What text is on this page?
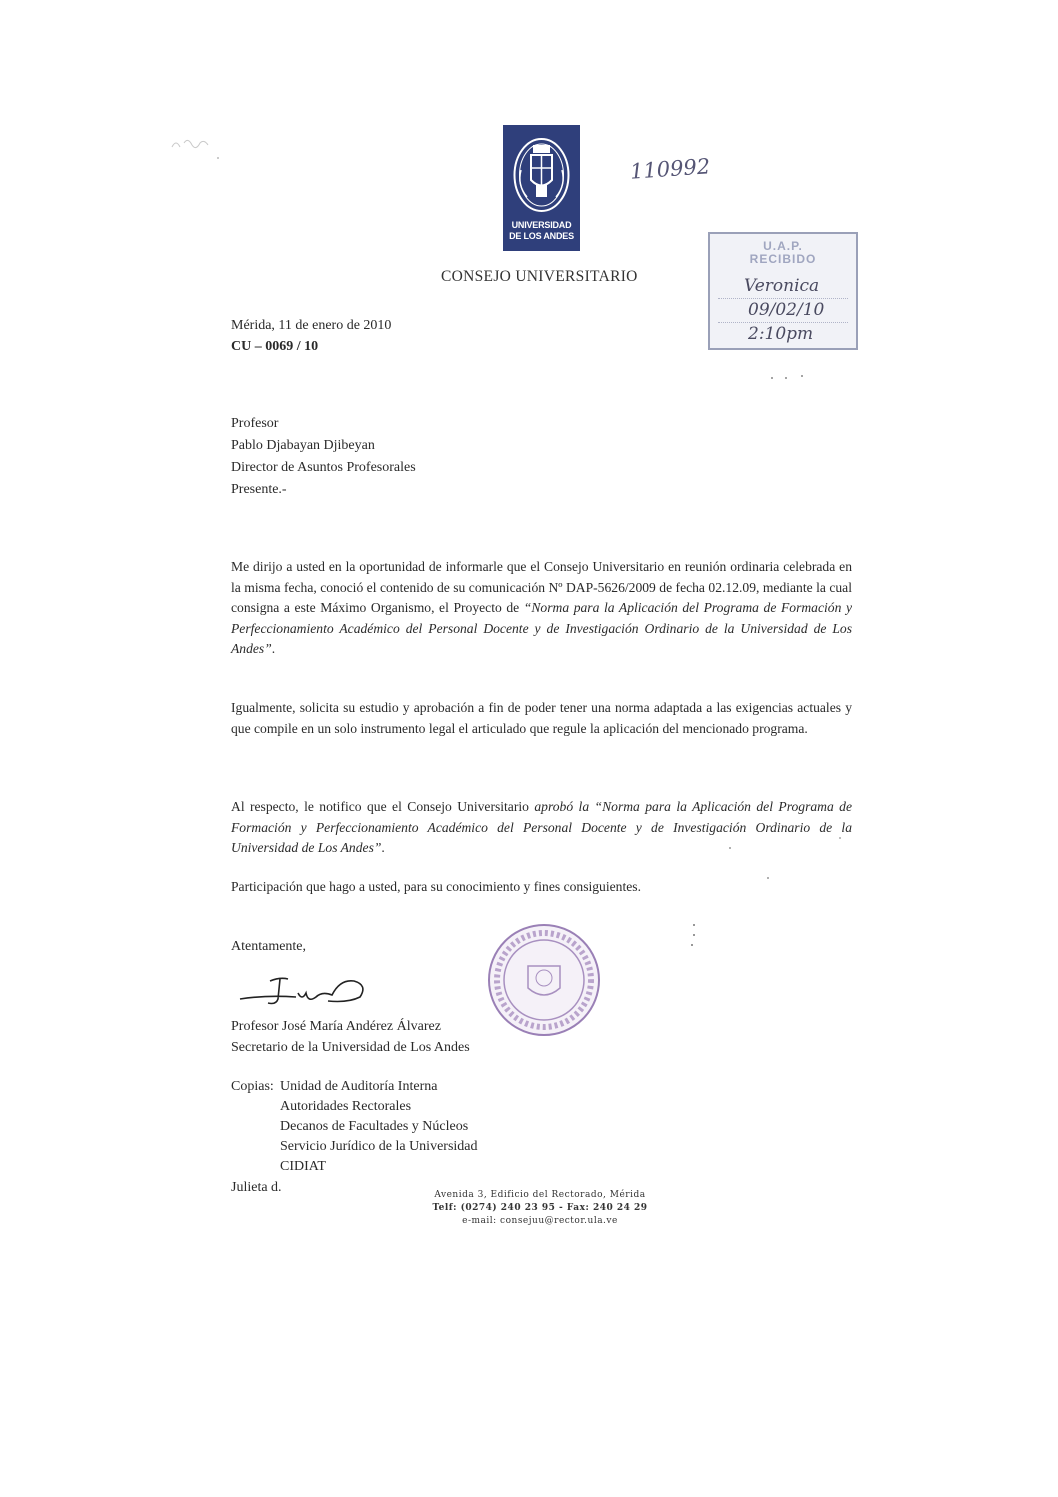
UNIVERSIDAD
DE LOS ANDES
110992
CONSEJO UNIVERSITARIO
U.A.P.
RECIBIDO
Veronica
09/02/10
2:10pm
Mérida, 11 de enero de 2010
CU – 0069 / 10
Profesor
Pablo Djabayan Djibeyan
Director de Asuntos Profesorales
Presente.-
Me dirijo a usted en la oportunidad de informarle que el Consejo Universitario en reunión ordinaria celebrada en la misma fecha, conoció el contenido de su comunicación Nº DAP-5626/2009 de fecha 02.12.09, mediante la cual consigna a este Máximo Organismo, el Proyecto de “Norma para la Aplicación del Programa de Formación y Perfeccionamiento Académico del Personal Docente y de Investigación Ordinario de la Universidad de Los Andes”.
Igualmente, solicita su estudio y aprobación a fin de poder tener una norma adaptada a las exigencias actuales y que compile en un solo instrumento legal el articulado que regule la aplicación del mencionado programa.
Al respecto, le notifico que el Consejo Universitario aprobó la “Norma para la Aplicación del Programa de Formación y Perfeccionamiento Académico del Personal Docente y de Investigación Ordinario de la Universidad de Los Andes”.
Participación que hago a usted, para su conocimiento y fines consiguientes.
Atentamente,
Profesor José María Andérez Álvarez
Secretario de la Universidad de Los Andes
Copias: Unidad de Auditoría Interna
Autoridades Rectorales
Decanos de Facultades y Núcleos
Servicio Jurídico de la Universidad
CIDIAT
Julieta d.	Avenida 3, Edificio del Rectorado, Mérida
Telf: (0274) 240 23 95 - Fax: 240 24 29
e-mail: consejuu@rector.ula.ve
